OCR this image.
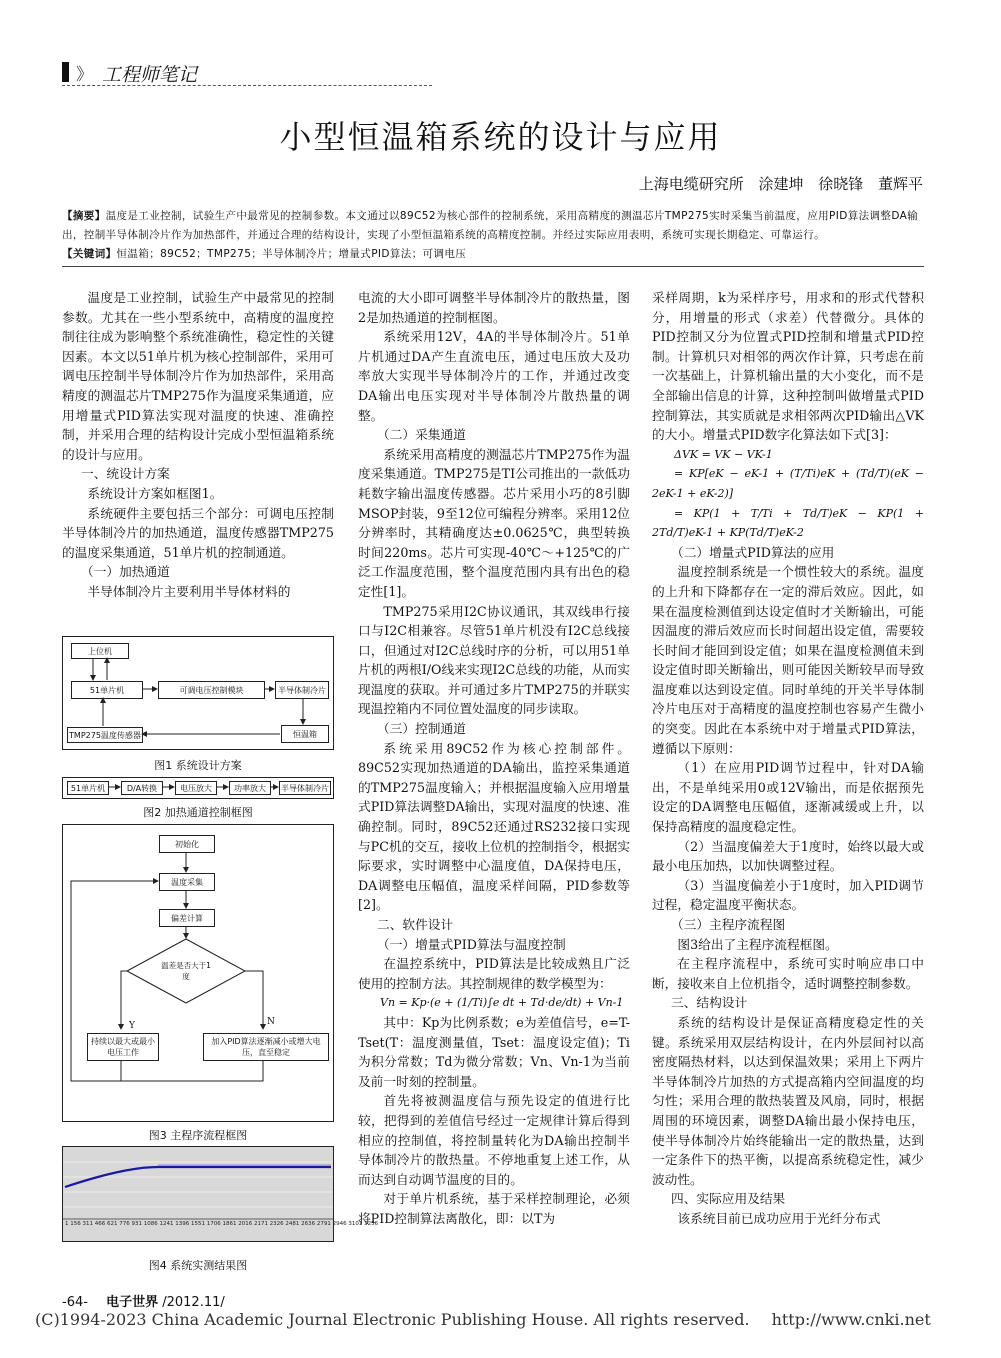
》 工程师笔记
小型恒温箱系统的设计与应用
上海电缆研究所 涂建坤 徐晓锋 董辉平
【摘要】温度是工业控制，试验生产中最常见的控制参数。本文通过以89C52为核心部件的控制系统，采用高精度的测温芯片TMP275实时采集当前温度，应用PID算法调整DA输出，控制半导体制冷片作为加热部件，并通过合理的结构设计，实现了小型恒温箱系统的高精度控制。并经过实际应用表明，系统可实现长期稳定、可靠运行。
【关键词】恒温箱；89C52；TMP275；半导体制冷片；增量式PID算法；可调电压

温度是工业控制，试验生产中最常见的控制参数。尤其在一些小型系统中，高精度的温度控制往往成为影响整个系统准确性，稳定性的关键因素。本文以51单片机为核心控制部件，采用可调电压控制半导体制冷片作为加热部件，采用高精度的测温芯片TMP275作为温度采集通道，应用增量式PID算法实现对温度的快速、准确控制，并采用合理的结构设计完成小型恒温箱系统的设计与应用。

一、统设计方案

系统设计方案如框图1。

系统硬件主要包括三个部分：可调电压控制半导体制冷片的加热通道，温度传感器TMP275的温度采集通道，51单片机的控制通道。

（一）加热通道

半导体制冷片主要利用半导体材料的

上位机
51单片机	可调电压控制模块	半导体制冷片
TMP275温度传感器	恒温箱
图1 系统设计方案
51单片机	D/A转换	电压放大	功率放大	半导体制冷片
图2 加热通道控制框图
初始化
温度采集
偏差计算
温差是否大于1度
Y	N
持续以最大或最小电压工作
加入PID算法逐渐减小或增大电压，直至稳定
图3 主程序流程框图
1 156 311 466 621 776 931 1086 1241 1396 1551 1706 1861 2016 2171 2326 2481 2636 2791 2946 3101 3256
图4 系统实测结果图

电流的大小即可调整半导体制冷片的散热量，图2是加热通道的控制框图。

系统采用12V，4A的半导体制冷片。51单片机通过DA产生直流电压，通过电压放大及功率放大实现半导体制冷片的工作，并通过改变DA输出电压实现对半导体制冷片散热量的调整。

（二）采集通道

系统采用高精度的测温芯片TMP275作为温度采集通道。TMP275是TI公司推出的一款低功耗数字输出温度传感器。芯片采用小巧的8引脚MSOP封装，9至12位可编程分辨率。采用12位分辨率时，其精确度达±0.0625℃，典型转换时间220ms。芯片可实现-40℃～+125℃的广泛工作温度范围，整个温度范围内具有出色的稳定性[1]。

TMP275采用I2C协议通讯，其双线串行接口与I2C相兼容。尽管51单片机没有I2C总线接口，但通过对I2C总线时序的分析，可以用51单片机的两根I/O线来实现I2C总线的功能，从而实现温度的获取。并可通过多片TMP275的并联实现温控箱内不同位置处温度的同步读取。

（三）控制通道

系统采用89C52作为核心控制部件。89C52实现加热通道的DA输出，监控采集通道的TMP275温度输入；并根据温度输入应用增量式PID算法调整DA输出，实现对温度的快速、准确控制。同时，89C52还通过RS232接口实现与PC机的交互，接收上位机的控制指令，根据实际要求，实时调整中心温度值，DA保持电压，DA调整电压幅值，温度采样间隔，PID参数等[2]。

二、软件设计

（一）增量式PID算法与温度控制

在温控系统中，PID算法是比较成熟且广泛使用的控制方法。其控制规律的数学模型为：

Vn = Kp·(e + (1/Ti)∫e dt + Td·de/dt) + Vn-1

其中：Kp为比例系数；e为差值信号，e=T-Tset(T：温度测量值，Tset：温度设定值)；Ti为积分常数；Td为微分常数；Vn、Vn-1为当前及前一时刻的控制量。

首先将被测温度信与预先设定的值进行比较，把得到的差值信号经过一定规律计算后得到相应的控制值，将控制量转化为DA输出控制半导体制冷片的散热量。不停地重复上述工作，从而达到自动调节温度的目的。

对于单片机系统，基于采样控制理论，必须将PID控制算法离散化，即：以T为

采样周期，k为采样序号，用求和的形式代替积分，用增量的形式（求差）代替微分。具体的PID控制又分为位置式PID控制和增量式PID控制。计算机只对相邻的两次作计算，只考虑在前一次基础上，计算机输出量的大小变化，而不是全部输出信息的计算，这种控制叫做增量式PID控制算法，其实质就是求相邻两次PID输出△VK的大小。增量式PID数字化算法如下式[3]：

ΔVK = VK − VK-1

= KP[eK − eK-1 + (T/Ti)eK + (Td/T)(eK − 2eK-1 + eK-2)]

= KP(1 + T/Ti + Td/T)eK − KP(1 + 2Td/T)eK-1 + KP(Td/T)eK-2

（二）增量式PID算法的应用

温度控制系统是一个惯性较大的系统。温度的上升和下降都存在一定的滞后效应。因此，如果在温度检测值到达设定值时才关断输出，可能因温度的滞后效应而长时间超出设定值，需要较长时间才能回到设定值；如果在温度检测值未到设定值时即关断输出，则可能因关断较早而导致温度难以达到设定值。同时单纯的开关半导体制冷片电压对于高精度的温度控制也容易产生微小的突变。因此在本系统中对于增量式PID算法，遵循以下原则：

（1）在应用PID调节过程中，针对DA输出，不是单纯采用0或12V输出，而是依据预先设定的DA调整电压幅值，逐渐减缓或上升，以保持高精度的温度稳定性。

（2）当温度偏差大于1度时，始终以最大或最小电压加热，以加快调整过程。

（3）当温度偏差小于1度时，加入PID调节过程，稳定温度平衡状态。

（三）主程序流程图

图3给出了主程序流程框图。

在主程序流程中，系统可实时响应串口中断，接收来自上位机指令，适时调整控制参数。

三、结构设计

系统的结构设计是保证高精度稳定性的关键。系统采用双层结构设计，在内外层间衬以高密度隔热材料，以达到保温效果；采用上下两片半导体制冷片加热的方式提高箱内空间温度的均匀性；采用合理的散热装置及风扇，同时，根据周围的环境因素，调整DA输出最小保持电压，使半导体制冷片始终能输出一定的散热量，达到一定条件下的热平衡，以提高系统稳定性，减少波动性。

四、实际应用及结果

该系统目前已成功应用于光纤分布式

-64- 电子世界 /2012.11/
(C)1994-2023 China Academic Journal Electronic Publishing House. All rights reserved. http://www.cnki.net
